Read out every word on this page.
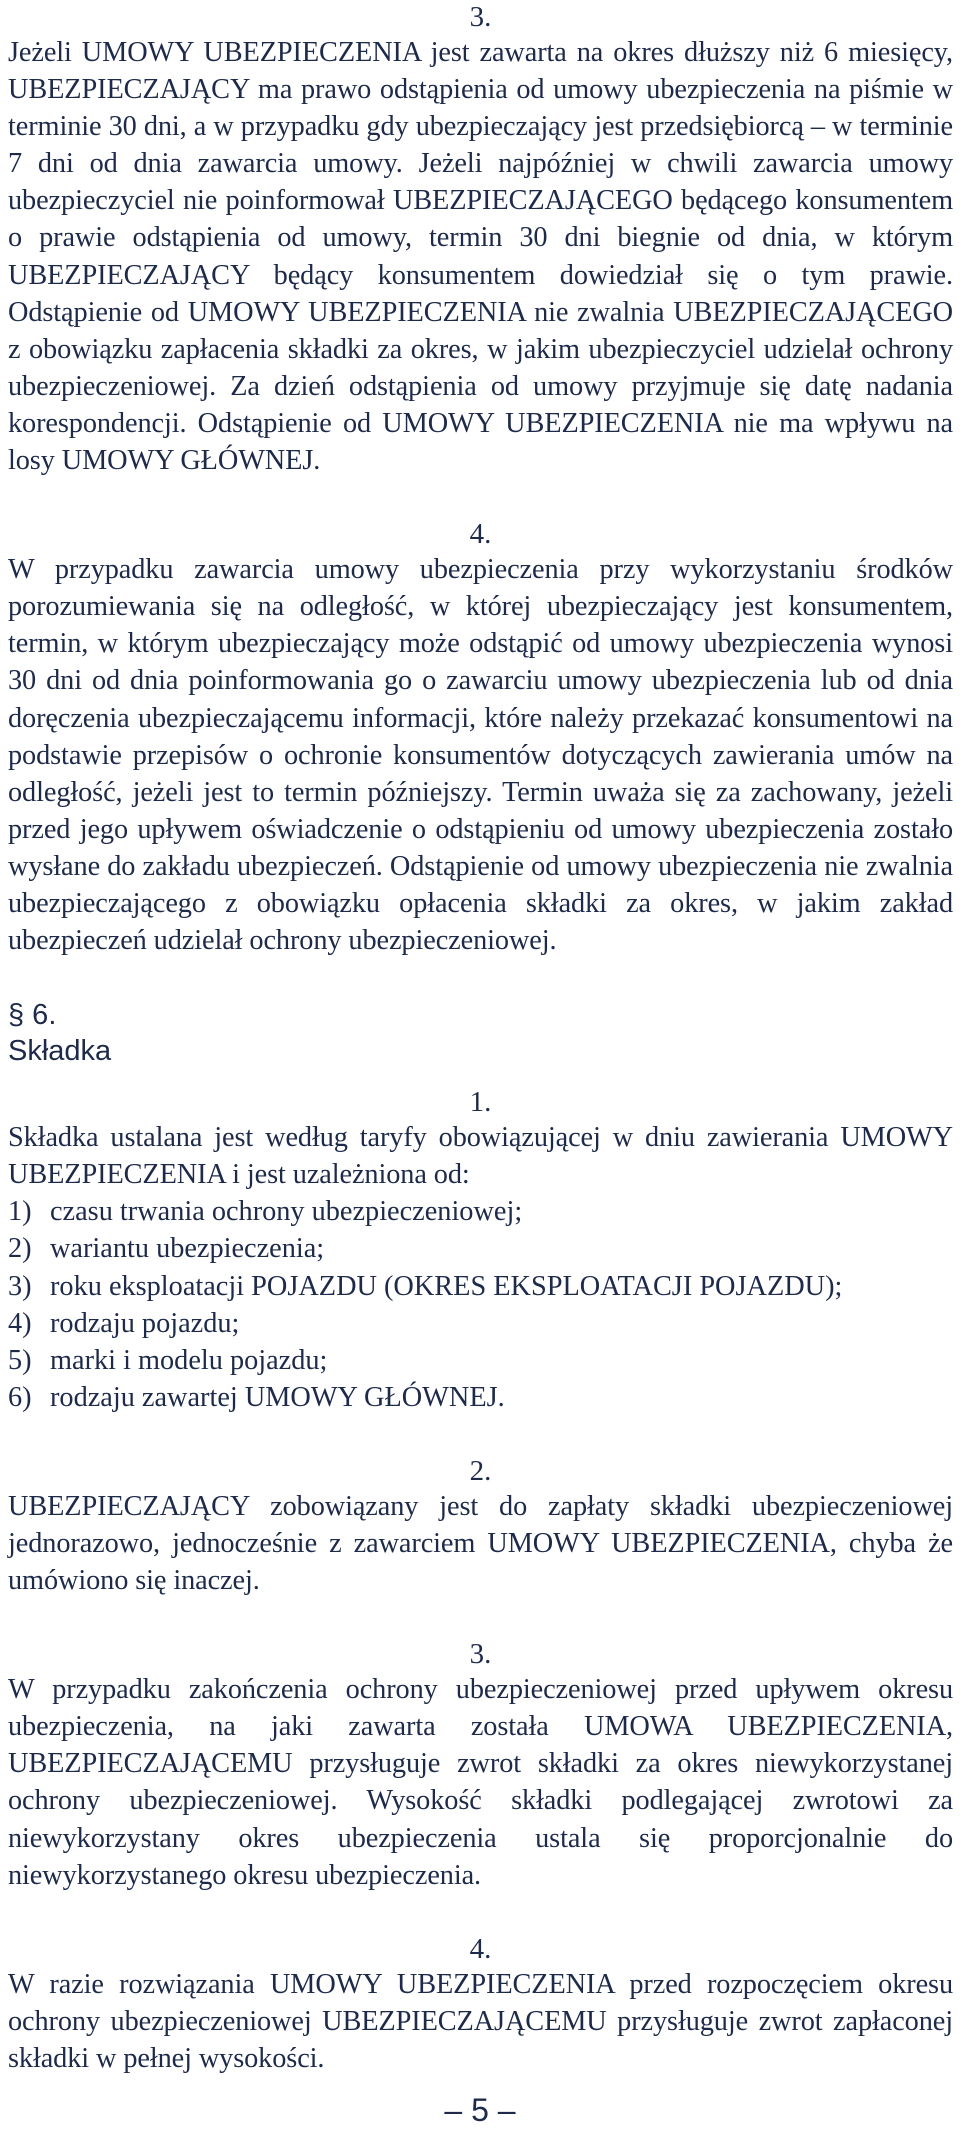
3.

Jeżeli UMOWY UBEZPIECZENIA jest zawarta na okres dłuższy niż 6 miesięcy, UBEZPIECZAJĄCY ma prawo odstąpienia od umowy ubezpieczenia na piśmie w terminie 30 dni, a w przypadku gdy ubezpieczający jest przedsiębiorcą – w terminie 7 dni od dnia zawarcia umowy. Jeżeli najpóźniej w chwili zawarcia umowy ubezpieczyciel nie poinformował UBEZPIECZAJĄCEGO będącego konsumentem o prawie odstąpienia od umowy, termin 30 dni biegnie od dnia, w którym UBEZPIECZAJĄCY będący konsumentem dowiedział się o tym prawie. Odstąpienie od UMOWY UBEZPIECZENIA nie zwalnia UBEZPIECZAJĄCEGO z obowiązku zapłacenia składki za okres, w jakim ubezpieczyciel udzielał ochrony ubezpieczeniowej. Za dzień odstąpienia od umowy przyjmuje się datę nadania korespondencji. Odstąpienie od UMOWY UBEZPIECZENIA nie ma wpływu na losy UMOWY GŁÓWNEJ.

4.

W przypadku zawarcia umowy ubezpieczenia przy wykorzystaniu środków porozumiewania się na odległość, w której ubezpieczający jest konsumentem, termin, w którym ubezpieczający może odstąpić od umowy ubezpieczenia wynosi 30 dni od dnia poinformowania go o zawarciu umowy ubezpieczenia lub od dnia doręczenia ubezpieczającemu informacji, które należy przekazać konsumentowi na podstawie przepisów o ochronie konsumentów dotyczących zawierania umów na odległość, jeżeli jest to termin późniejszy. Termin uważa się za zachowany, jeżeli przed jego upływem oświadczenie o odstąpieniu od umowy ubezpieczenia zostało wysłane do zakładu ubezpieczeń. Odstąpienie od umowy ubezpieczenia nie zwalnia ubezpieczającego z obowiązku opłacenia składki za okres, w jakim zakład ubezpieczeń udzielał ochrony ubezpieczeniowej.

§ 6.

Składka

1.

Składka ustalana jest według taryfy obowiązującej w dniu zawierania UMOWY UBEZPIECZENIA i jest uzależniona od:

1) czasu trwania ochrony ubezpieczeniowej;
2) wariantu ubezpieczenia;
3) roku eksploatacji POJAZDU (OKRES EKSPLOATACJI POJAZDU);
4) rodzaju pojazdu;
5) marki i modelu pojazdu;
6) rodzaju zawartej UMOWY GŁÓWNEJ.

2.

UBEZPIECZAJĄCY zobowiązany jest do zapłaty składki ubezpieczeniowej jednorazowo, jednocześnie z zawarciem UMOWY UBEZPIECZENIA, chyba że umówiono się inaczej.

3.

W przypadku zakończenia ochrony ubezpieczeniowej przed upływem okresu ubezpieczenia, na jaki zawarta została UMOWA UBEZPIECZENIA, UBEZPIECZAJĄCEMU przysługuje zwrot składki za okres niewykorzystanej ochrony ubezpieczeniowej. Wysokość składki podlegającej zwrotowi za niewykorzystany okres ubezpieczenia ustala się proporcjonalnie do niewykorzystanego okresu ubezpieczenia.

4.

W razie rozwiązania UMOWY UBEZPIECZENIA przed rozpoczęciem okresu ochrony ubezpieczeniowej UBEZPIECZAJĄCEMU przysługuje zwrot zapłaconej składki w pełnej wysokości.

– 5 –
